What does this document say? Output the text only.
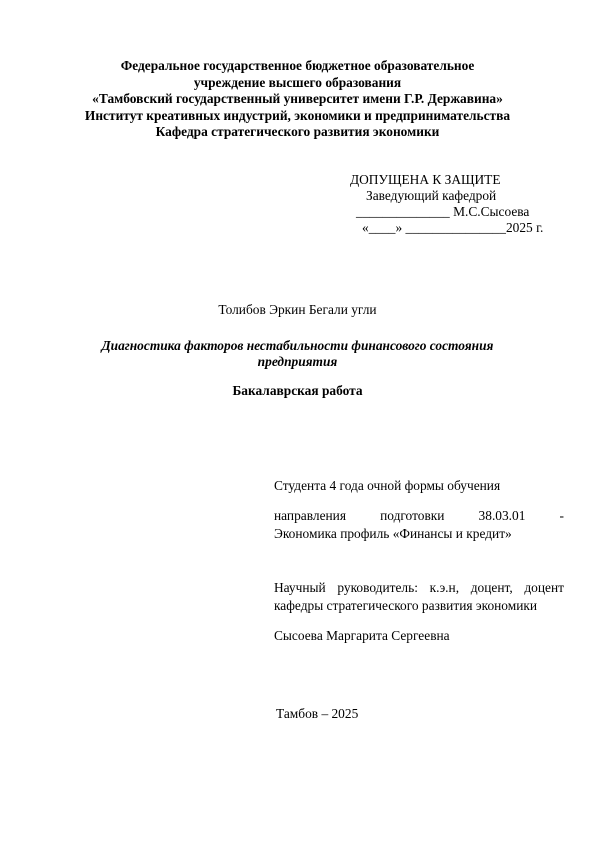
Федеральное государственное бюджетное образовательное
учреждение высшего образования
«Тамбовский государственный университет имени Г.Р. Державина»
Институт креативных индустрий, экономики и предпринимательства
Кафедра стратегического развития экономики
ДОПУЩЕНА К ЗАЩИТЕ
Заведующий кафедрой
______________ М.С.Сысоева
«____» _______________2025 г.
Толибов Эркин Бегали угли
Диагностика факторов нестабильности финансового состояния
предприятия
Бакалаврская работа
Студента 4 года очной формы обучения
направления подготовки 38.03.01 -
Экономика профиль «Финансы и кредит»
Научный руководитель: к.э.н, доцент, доцент
кафедры стратегического развития экономики
Сысоева Маргарита Сергеевна
Тамбов – 2025
